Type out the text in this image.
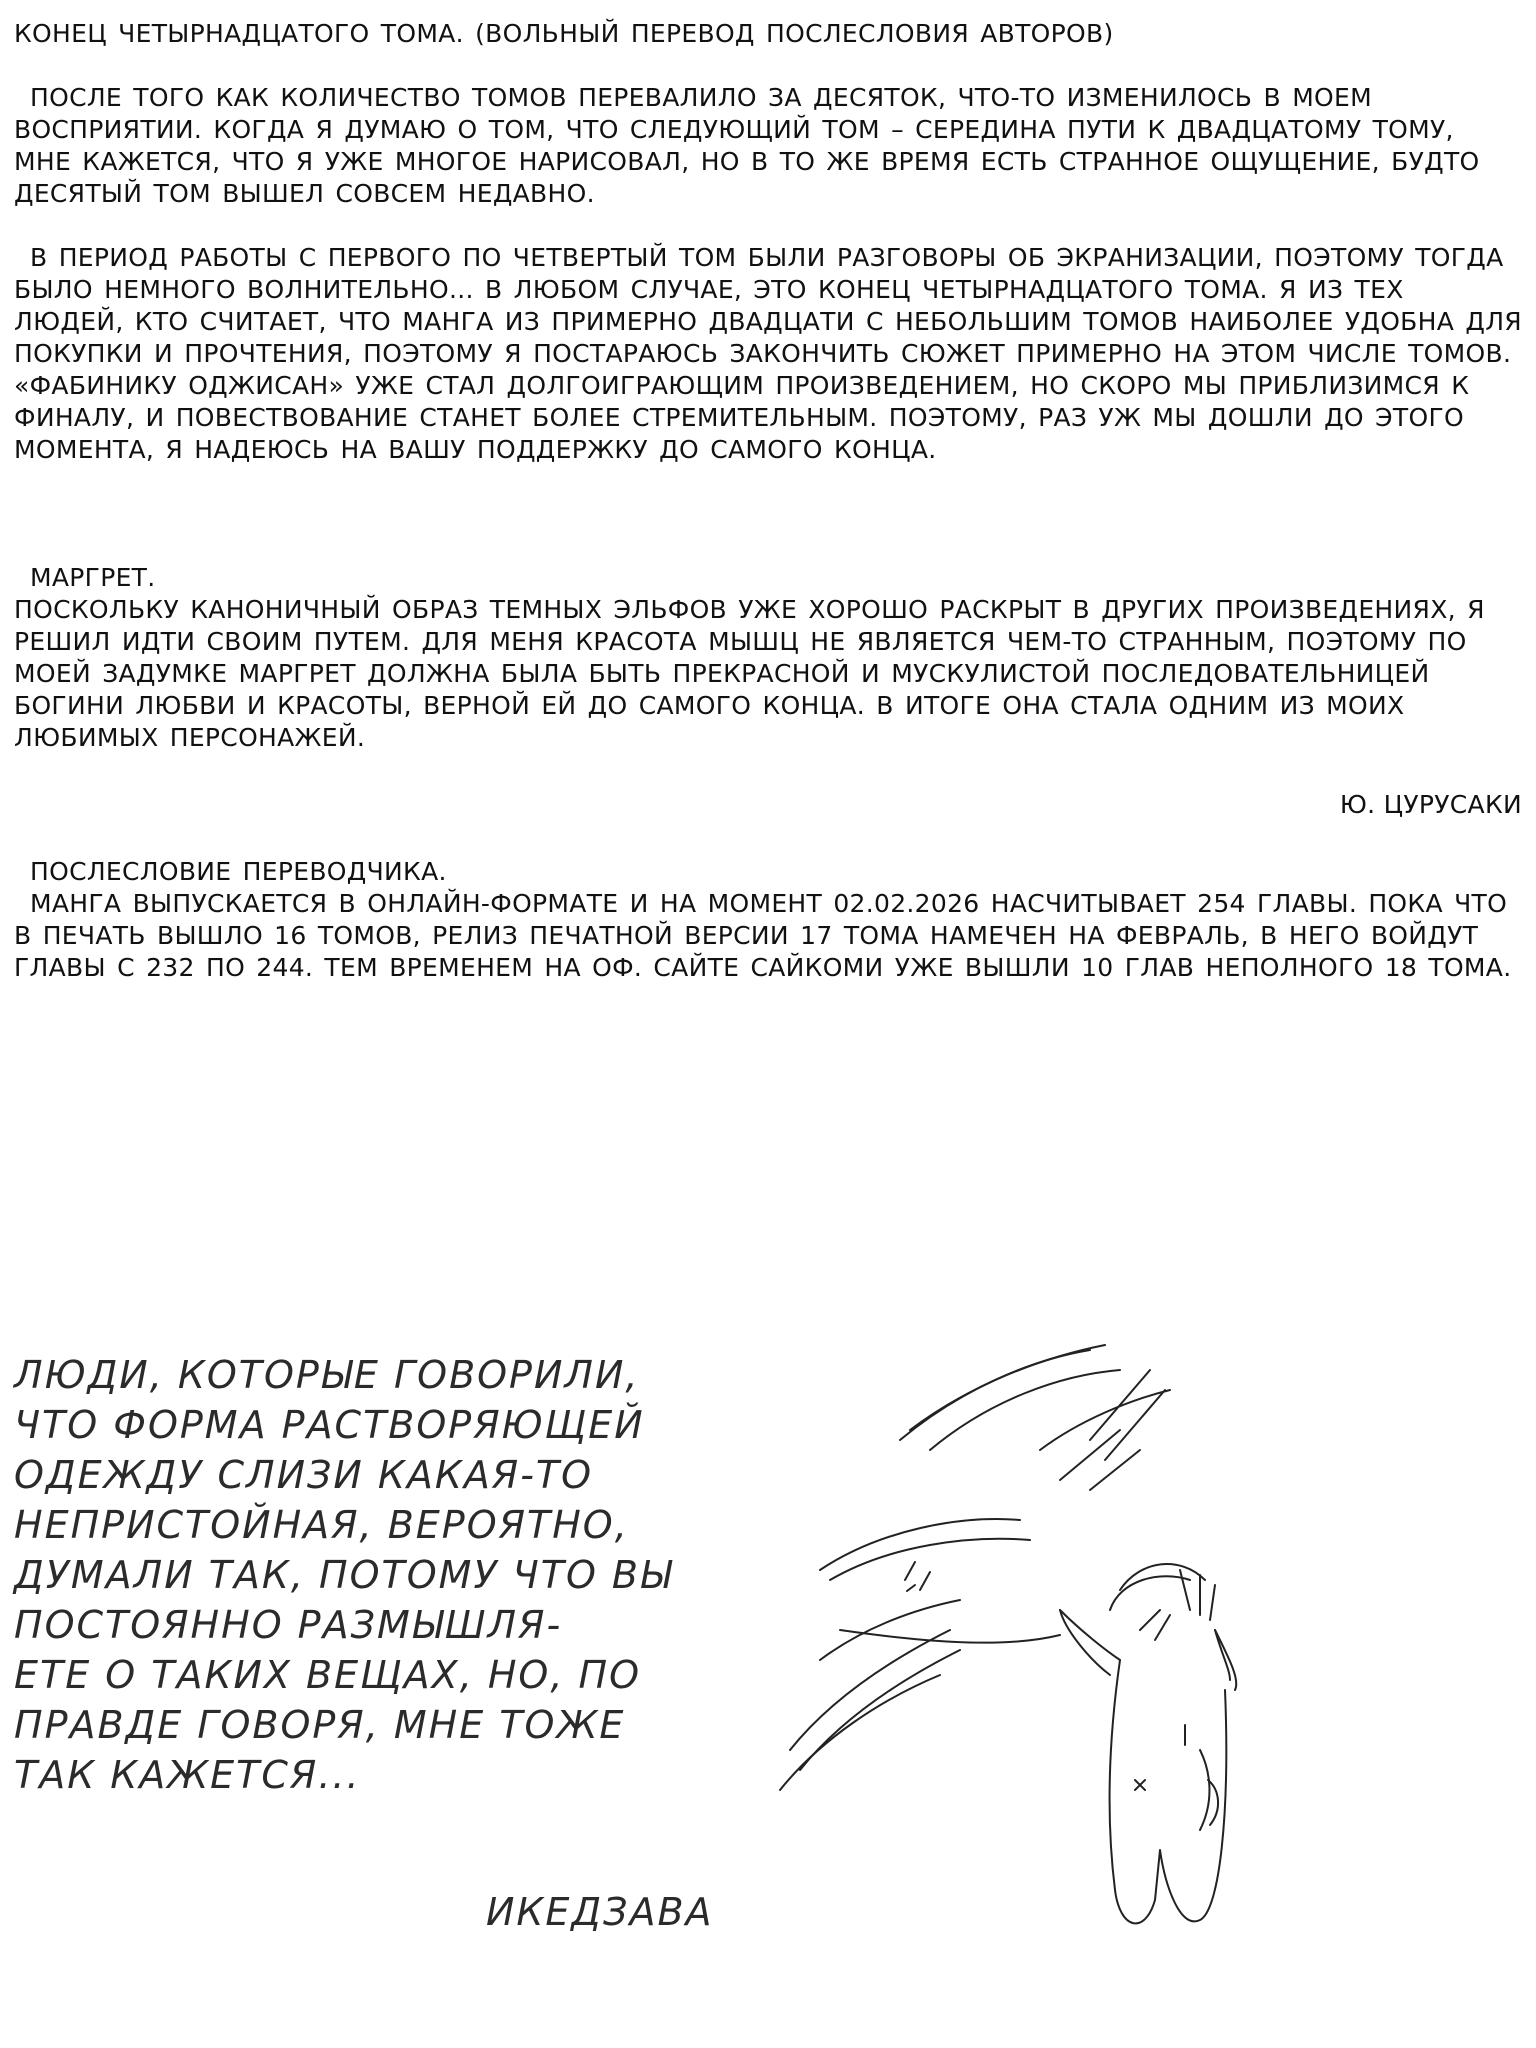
КОНЕЦ ЧЕТЫРНАДЦАТОГО ТОМА. (ВОЛЬНЫЙ ПЕРЕВОД ПОСЛЕСЛОВИЯ АВТОРОВ)

ПОСЛЕ ТОГО КАК КОЛИЧЕСТВО ТОМОВ ПЕРЕВАЛИЛО ЗА ДЕСЯТОК, ЧТО-ТО ИЗМЕНИЛОСЬ В МОЕМ ВОСПРИЯТИИ. КОГДА Я ДУМАЮ О ТОМ, ЧТО СЛЕДУЮЩИЙ ТОМ – СЕРЕДИНА ПУТИ К ДВАДЦАТОМУ ТОМУ, МНЕ КАЖЕТСЯ, ЧТО Я УЖЕ МНОГОЕ НАРИСОВАЛ, НО В ТО ЖЕ ВРЕМЯ ЕСТЬ СТРАННОЕ ОЩУЩЕНИЕ, БУДТО ДЕСЯТЫЙ ТОМ ВЫШЕЛ СОВСЕМ НЕДАВНО.

В ПЕРИОД РАБОТЫ С ПЕРВОГО ПО ЧЕТВЕРТЫЙ ТОМ БЫЛИ РАЗГОВОРЫ ОБ ЭКРАНИЗАЦИИ, ПОЭТОМУ ТОГДА БЫЛО НЕМНОГО ВОЛНИТЕЛЬНО... В ЛЮБОМ СЛУЧАЕ, ЭТО КОНЕЦ ЧЕТЫРНАДЦАТОГО ТОМА. Я ИЗ ТЕХ ЛЮДЕЙ, КТО СЧИТАЕТ, ЧТО МАНГА ИЗ ПРИМЕРНО ДВАДЦАТИ С НЕБОЛЬШИМ ТОМОВ НАИБОЛЕЕ УДОБНА ДЛЯ ПОКУПКИ И ПРОЧТЕНИЯ, ПОЭТОМУ Я ПОСТАРАЮСЬ ЗАКОНЧИТЬ СЮЖЕТ ПРИМЕРНО НА ЭТОМ ЧИСЛЕ ТОМОВ. «ФАБИНИКУ ОДЖИСАН» УЖЕ СТАЛ ДОЛГОИГРАЮЩИМ ПРОИЗВЕДЕНИЕМ, НО СКОРО МЫ ПРИБЛИЗИМСЯ К ФИНАЛУ, И ПОВЕСТВОВАНИЕ СТАНЕТ БОЛЕЕ СТРЕМИТЕЛЬНЫМ. ПОЭТОМУ, РАЗ УЖ МЫ ДОШЛИ ДО ЭТОГО МОМЕНТА, Я НАДЕЮСЬ НА ВАШУ ПОДДЕРЖКУ ДО САМОГО КОНЦА.

МАРГРЕТ.
ПОСКОЛЬКУ КАНОНИЧНЫЙ ОБРАЗ ТЕМНЫХ ЭЛЬФОВ УЖЕ ХОРОШО РАСКРЫТ В ДРУГИХ ПРОИЗВЕДЕНИЯХ, Я РЕШИЛ ИДТИ СВОИМ ПУТЕМ. ДЛЯ МЕНЯ КРАСОТА МЫШЦ НЕ ЯВЛЯЕТСЯ ЧЕМ-ТО СТРАННЫМ, ПОЭТОМУ ПО МОЕЙ ЗАДУМКЕ МАРГРЕТ ДОЛЖНА БЫЛА БЫТЬ ПРЕКРАСНОЙ И МУСКУЛИСТОЙ ПОСЛЕДОВАТЕЛЬНИЦЕЙ БОГИНИ ЛЮБВИ И КРАСОТЫ, ВЕРНОЙ ЕЙ ДО САМОГО КОНЦА. В ИТОГЕ ОНА СТАЛА ОДНИМ ИЗ МОИХ ЛЮБИМЫХ ПЕРСОНАЖЕЙ.
Ю. ЦУРУСАКИ
ПОСЛЕСЛОВИЕ ПЕРЕВОДЧИКА.
МАНГА ВЫПУСКАЕТСЯ В ОНЛАЙН-ФОРМАТЕ И НА МОМЕНТ 02.02.2026 НАСЧИТЫВАЕТ 254 ГЛАВЫ. ПОКА ЧТО В ПЕЧАТЬ ВЫШЛО 16 ТОМОВ, РЕЛИЗ ПЕЧАТНОЙ ВЕРСИИ 17 ТОМА НАМЕЧЕН НА ФЕВРАЛЬ, В НЕГО ВОЙДУТ ГЛАВЫ С 232 ПО 244. ТЕМ ВРЕМЕНЕМ НА ОФ. САЙТЕ САЙКОМИ УЖЕ ВЫШЛИ 10 ГЛАВ НЕПОЛНОГО 18 ТОМА.
ЛЮДИ, КОТОРЫЕ ГОВОРИЛИ,
ЧТО ФОРМА РАСТВОРЯЮЩЕЙ
ОДЕЖДУ СЛИЗИ КАКАЯ-ТО
НЕПРИСТОЙНАЯ, ВЕРОЯТНО,
ДУМАЛИ ТАК, ПОТОМУ ЧТО ВЫ
ПОСТОЯННО РАЗМЫШЛЯ-
ЕТЕ О ТАКИХ ВЕЩАХ, НО, ПО
ПРАВДЕ ГОВОРЯ, МНЕ ТОЖЕ
ТАК КАЖЕТСЯ...
ИКЕДЗАВА
